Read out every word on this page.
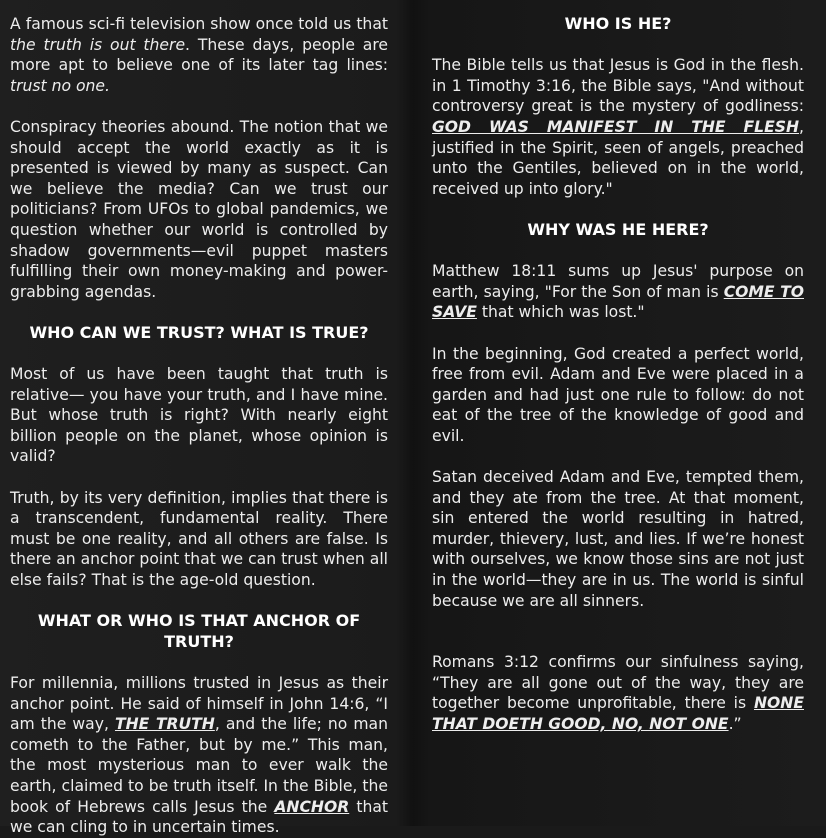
A famous sci-fi television show once told us that the truth is out there. These days, people are more apt to believe one of its later tag lines: trust no one.

Conspiracy theories abound. The notion that we should accept the world exactly as it is presented is viewed by many as suspect. Can we believe the media? Can we trust our politicians? From UFOs to global pandemics, we question whether our world is controlled by shadow governments—evil puppet masters fulfilling their own money-making and power-grabbing agendas.

WHO CAN WE TRUST? WHAT IS TRUE?

Most of us have been taught that truth is relative— you have your truth, and I have mine. But whose truth is right? With nearly eight billion people on the planet, whose opinion is valid?

Truth, by its very definition, implies that there is a transcendent, fundamental reality. There must be one reality, and all others are false. Is there an anchor point that we can trust when all else fails? That is the age-old question.

WHAT OR WHO IS THAT ANCHOR OF TRUTH?

For millennia, millions trusted in Jesus as their anchor point. He said of himself in John 14:6, “I am the way, THE TRUTH, and the life; no man cometh to the Father, but by me.” This man, the most mysterious man to ever walk the earth, claimed to be truth itself. In the Bible, the book of Hebrews calls Jesus the ANCHOR that we can cling to in uncertain times.

WHO IS HE?

The Bible tells us that Jesus is God in the flesh. in 1 Timothy 3:16, the Bible says, "And without controversy great is the mystery of godliness: GOD WAS MANIFEST IN THE FLESH, justified in the Spirit, seen of angels, preached unto the Gentiles, believed on in the world, received up into glory."

WHY WAS HE HERE?

Matthew 18:11 sums up Jesus' purpose on earth, saying, "For the Son of man is COME TO SAVE that which was lost."

In the beginning, God created a perfect world, free from evil. Adam and Eve were placed in a garden and had just one rule to follow: do not eat of the tree of the knowledge of good and evil.

Satan deceived Adam and Eve, tempted them, and they ate from the tree. At that moment, sin entered the world resulting in hatred, murder, thievery, lust, and lies. If we’re honest with ourselves, we know those sins are not just in the world—they are in us. The world is sinful because we are all sinners.

Romans 3:12 confirms our sinfulness saying, “They are all gone out of the way, they are together become unprofitable, there is NONE THAT DOETH GOOD, NO, NOT ONE.”
